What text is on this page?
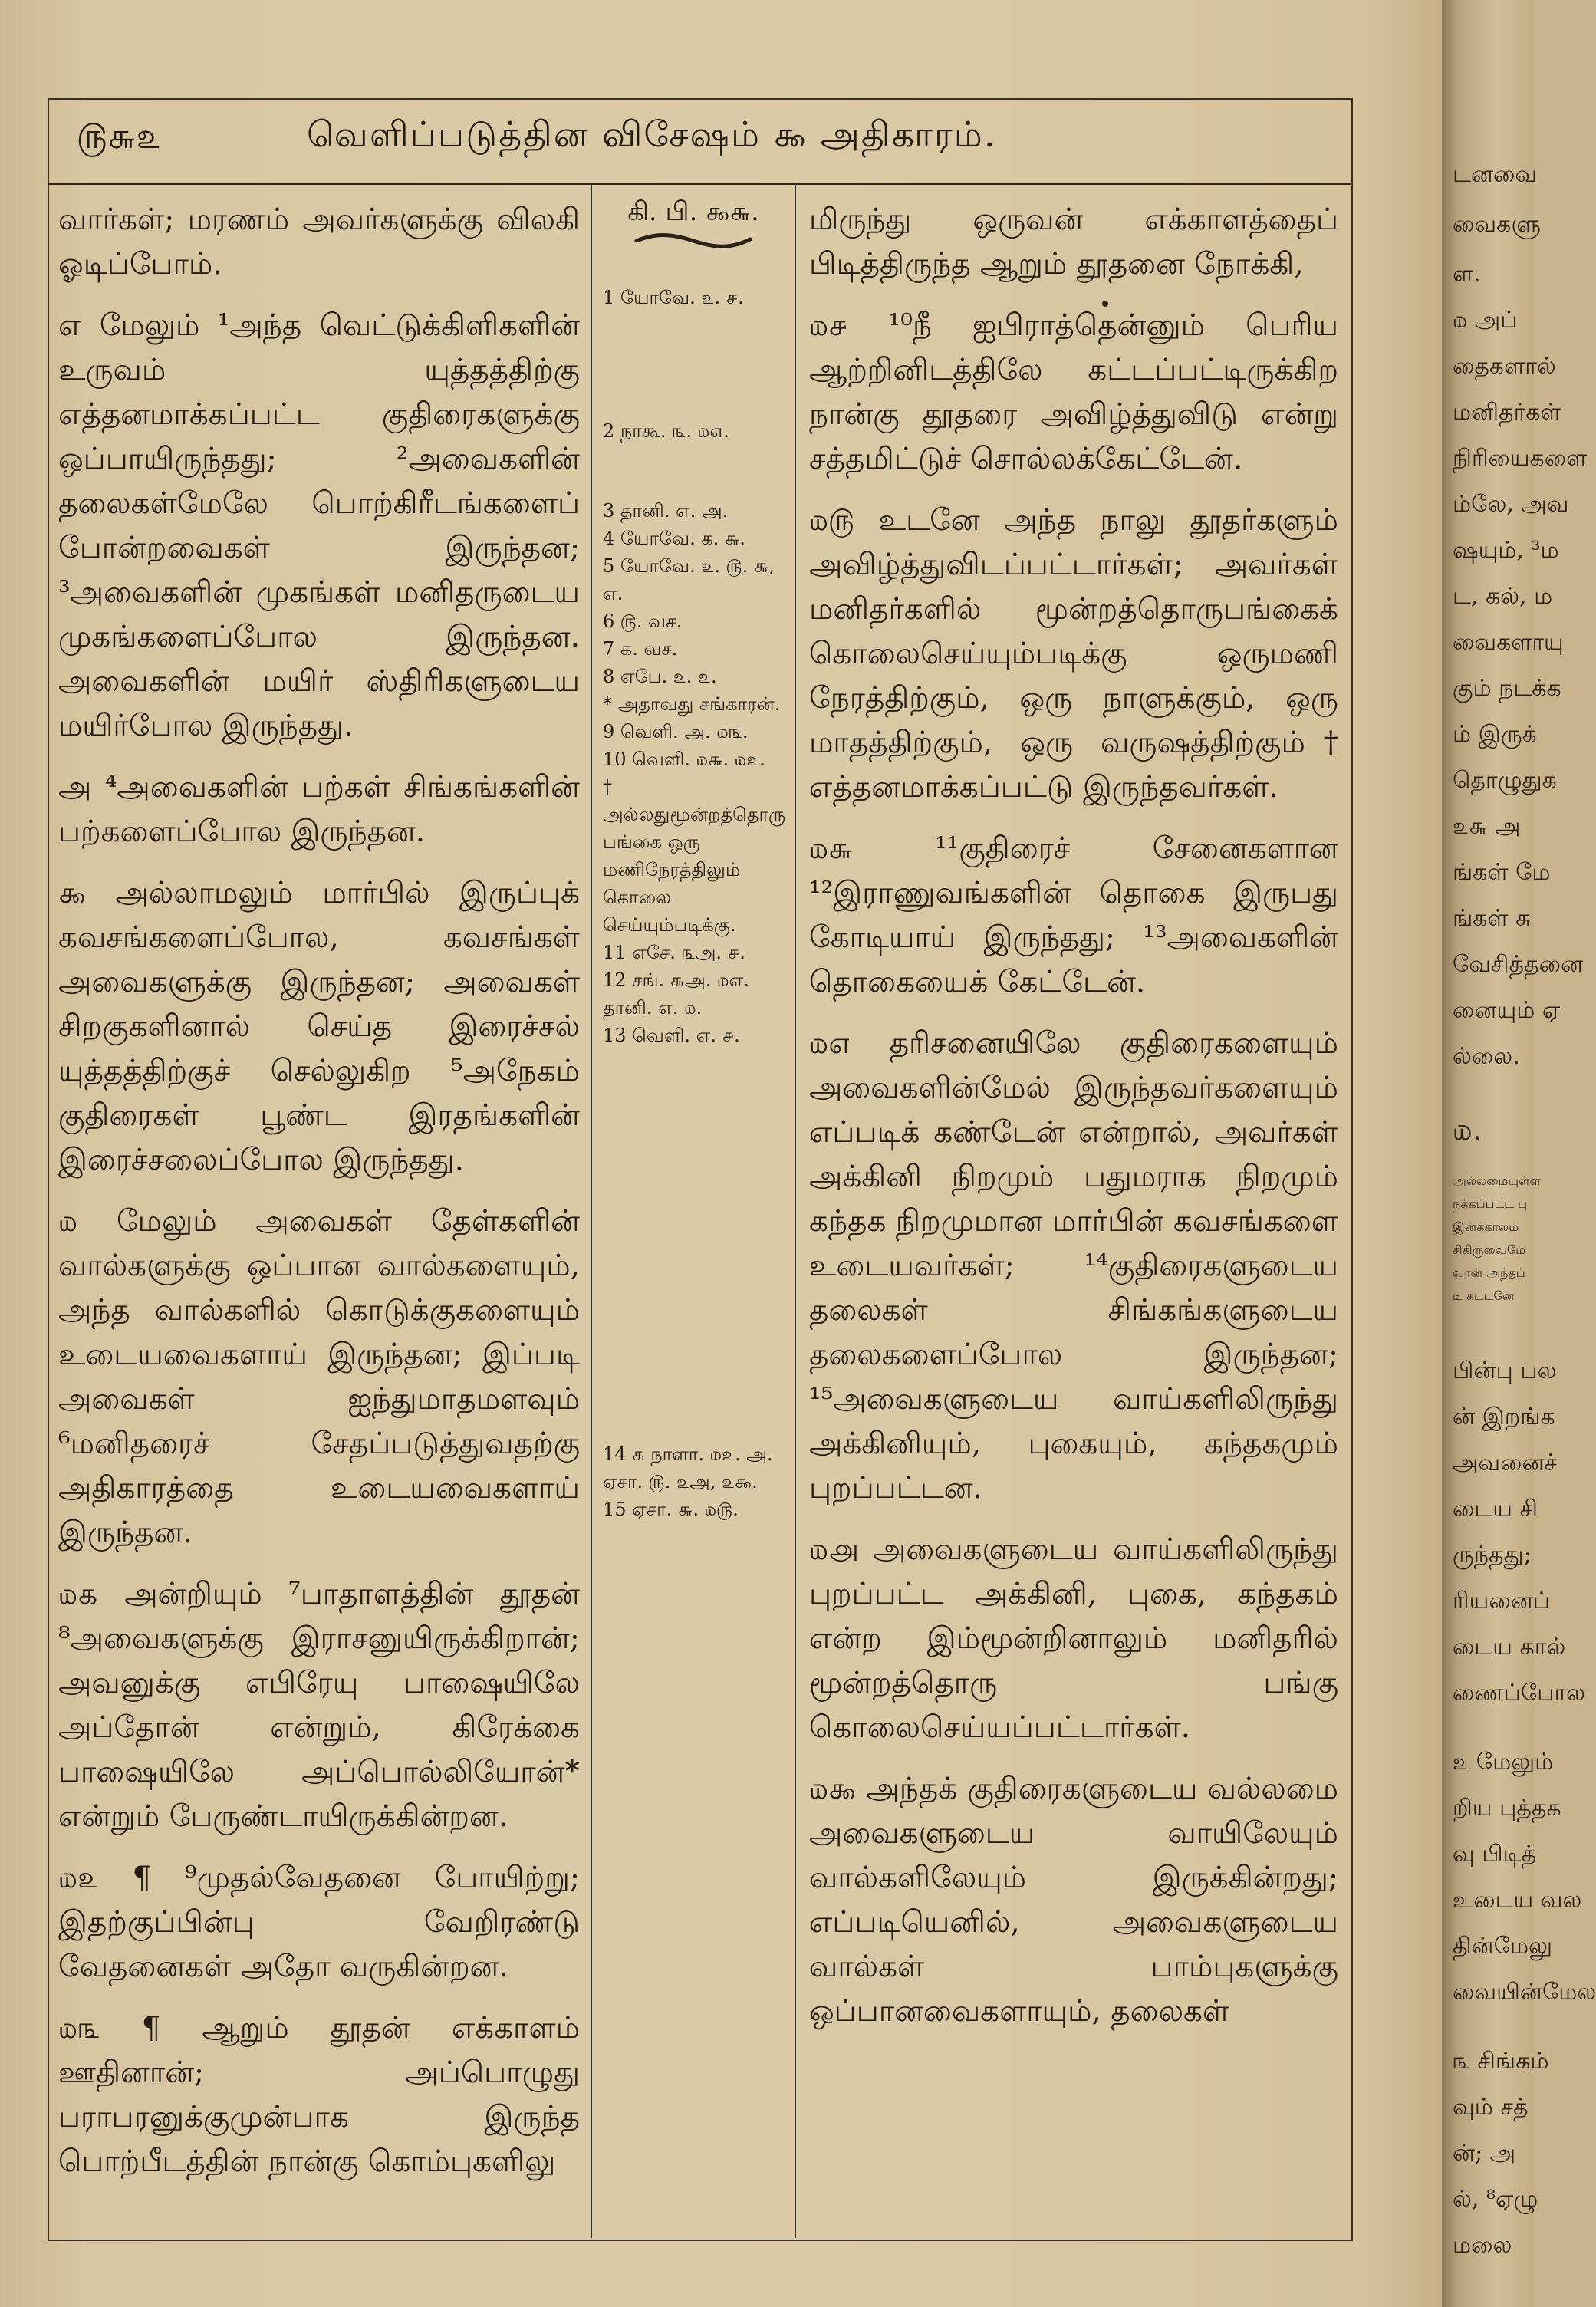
௫௬௨	வெளிப்படுத்தின விசேஷம் ௯ அதிகாரம்.

வார்கள்; மரணம் அவர்களுக்கு விலகி ஓடிப்போம்.

எ மேலும் ¹அந்த வெட்டுக்கிளிகளின் உருவம் யுத்தத்திற்கு எத்தனமாக்கப்பட்ட குதிரைகளுக்கு ஒப்பாயிருந்தது; ²அவைகளின் தலைகள்மேலே பொற்கிரீடங்களைப் போன்றவைகள் இருந்தன; ³அவைகளின் முகங்கள் மனிதருடைய முகங்களைப்போல இருந்தன. அவைகளின் மயிர் ஸ்திரிகளுடைய மயிர்போல இருந்தது.

அ ⁴அவைகளின் பற்கள் சிங்கங்களின் பற்களைப்போல இருந்தன.

௯ அல்லாமலும் மார்பில் இருப்புக் கவசங்களைப்போல, கவசங்கள் அவைகளுக்கு இருந்தன; அவைகள் சிறகுகளினால் செய்த இரைச்சல் யுத்தத்திற்குச் செல்லுகிற ⁵அநேகம் குதிரைகள் பூண்ட இரதங்களின் இரைச்சலைப்போல இருந்தது.

௰ மேலும் அவைகள் தேள்களின் வால்களுக்கு ஒப்பான வால்களையும், அந்த வால்களில் கொடுக்குகளையும் உடையவைகளாய் இருந்தன; இப்படி அவைகள் ஐந்துமாதமளவும் ⁶மனிதரைச் சேதப்படுத்துவதற்கு அதிகாரத்தை உடையவைகளாய் இருந்தன.

௰௧ அன்றியும் ⁷பாதாளத்தின் தூதன் ⁸அவைகளுக்கு இராசனுயிருக்கிறான்; அவனுக்கு எபிரேயு பாஷையிலே அப்தோன் என்றும், கிரேக்கை பாஷையிலே அப்பொல்லியோன்* என்றும் பேருண்டாயிருக்கின்றன.

௰௨ ¶ ⁹முதல்வேதனை போயிற்று; இதற்குப்பின்பு வேறிரண்டு வேதனைகள் அதோ வருகின்றன.

௰௩ ¶ ஆறும் தூதன் எக்காளம் ஊதினான்; அப்பொழுது பராபரனுக்குமுன்பாக இருந்த பொற்பீடத்தின் நான்கு கொம்புகளிலு

கி. பி. ௯௬.
1 யோவே. ௨. ௪.
2 நாகூ. ௩. ௰௭.
3 தானி. எ. அ.
4 யோவே. க. ௬.
5 யோவே. ௨. ௫. ௬, எ.
6 ௫. வச.
7 க. வச.
8 எபே. ௨. ௨.
* அதாவது சங்காரன்.
9 வெளி. அ. ௰௩.
10 வெளி. ௰௬. ௰௨.
† அல்லதுமூன்றத்தொரு பங்கை ஒரு மணிநேரத்திலும் கொலை செய்யும்படிக்கு.
11 எசே. ௩அ. ௪.
12 சங். ௬அ. ௰எ. தானி. எ. ௰.
13 வெளி. எ. ௪.
14 ௧ நாளா. ௰௨. அ. ஏசா. ௫. ௨அ, ௨௯.
15 ஏசா. ௬. ௰௫.

மிருந்து ஒருவன் எக்காளத்தைப் பிடித்திருந்த ஆறும் தூதனை நோக்கி,

௰௪ ¹⁰நீ ஐபிராத்தென்னும் பெரிய ஆற்றினிடத்திலே கட்டப்பட்டிருக்கிற நான்கு தூதரை அவிழ்த்துவிடு என்று சத்தமிட்டுச் சொல்லக்கேட்டேன்.

௰௫ உடனே அந்த நாலு தூதர்களும் அவிழ்த்துவிடப்பட்டார்கள்; அவர்கள் மனிதர்களில் மூன்றத்தொருபங்கைக் கொலைசெய்யும்படிக்கு ஒருமணி நேரத்திற்கும், ஒரு நாளுக்கும், ஒரு மாதத்திற்கும், ஒரு வருஷத்திற்கும்† எத்தனமாக்கப்பட்டு இருந்தவர்கள்.

௰௬ ¹¹குதிரைச் சேனைகளான ¹²இராணுவங்களின் தொகை இருபது கோடியாய் இருந்தது; ¹³அவைகளின் தொகையைக் கேட்டேன்.

௰௭ தரிசனையிலே குதிரைகளையும் அவைகளின்மேல் இருந்தவர்களையும் எப்படிக் கண்டேன் என்றால், அவர்கள் அக்கினி நிறமும் பதுமராக நிறமும் கந்தக நிறமுமான மார்பின் கவசங்களை உடையவர்கள்; ¹⁴குதிரைகளுடைய தலைகள் சிங்கங்களுடைய தலைகளைப்போல இருந்தன; ¹⁵அவைகளுடைய வாய்களிலிருந்து அக்கினியும், புகையும், கந்தகமும் புறப்பட்டன.

௰௮ அவைகளுடைய வாய்களிலிருந்து புறப்பட்ட அக்கினி, புகை, கந்தகம் என்ற இம்மூன்றினாலும் மனிதரில் மூன்றத்தொரு பங்கு கொலைசெய்யப்பட்டார்கள்.

௰௯ அந்தக் குதிரைகளுடைய வல்லமை அவைகளுடைய வாயிலேயும் வால்களிலேயும் இருக்கின்றது; எப்படியெனில், அவைகளுடைய வால்கள் பாம்புகளுக்கு ஒப்பானவைகளாயும், தலைகள்

டனவை
வைகளு
ள.
௰ அப்
தைகளால்
மனிதர்கள்
நிரியைகளை
ம்லே, அவ
ஷயும், ³ம
ட, கல், ம
வைகளாயு
கும் நடக்க
ம் இருக்
தொழுதுக
௨௬ அ
ங்கள் மே
ங்கள் சு
வேசித்தனை
னையும் ஏ
ல்லை.
௰.
அல்லமையுள்ள
நக்கப்பட்ட பு
இன்க்காலம்
சிகிருவைமே
வான் அந்தப்
டி கட்டனே
பின்பு பல
ன் இறங்க
அவனைச்
டைய சி
ருந்தது;
ரியனைப்
டைய கால்
ணைப்போல
௨ மேலும்
றிய புத்தக
வு பிடித்
உடைய வல
தின்மேலு
வையின்மேல
௩ சிங்கம்
வும் சத்
ன்; அ
ல், ⁸ஏழு
மலை
